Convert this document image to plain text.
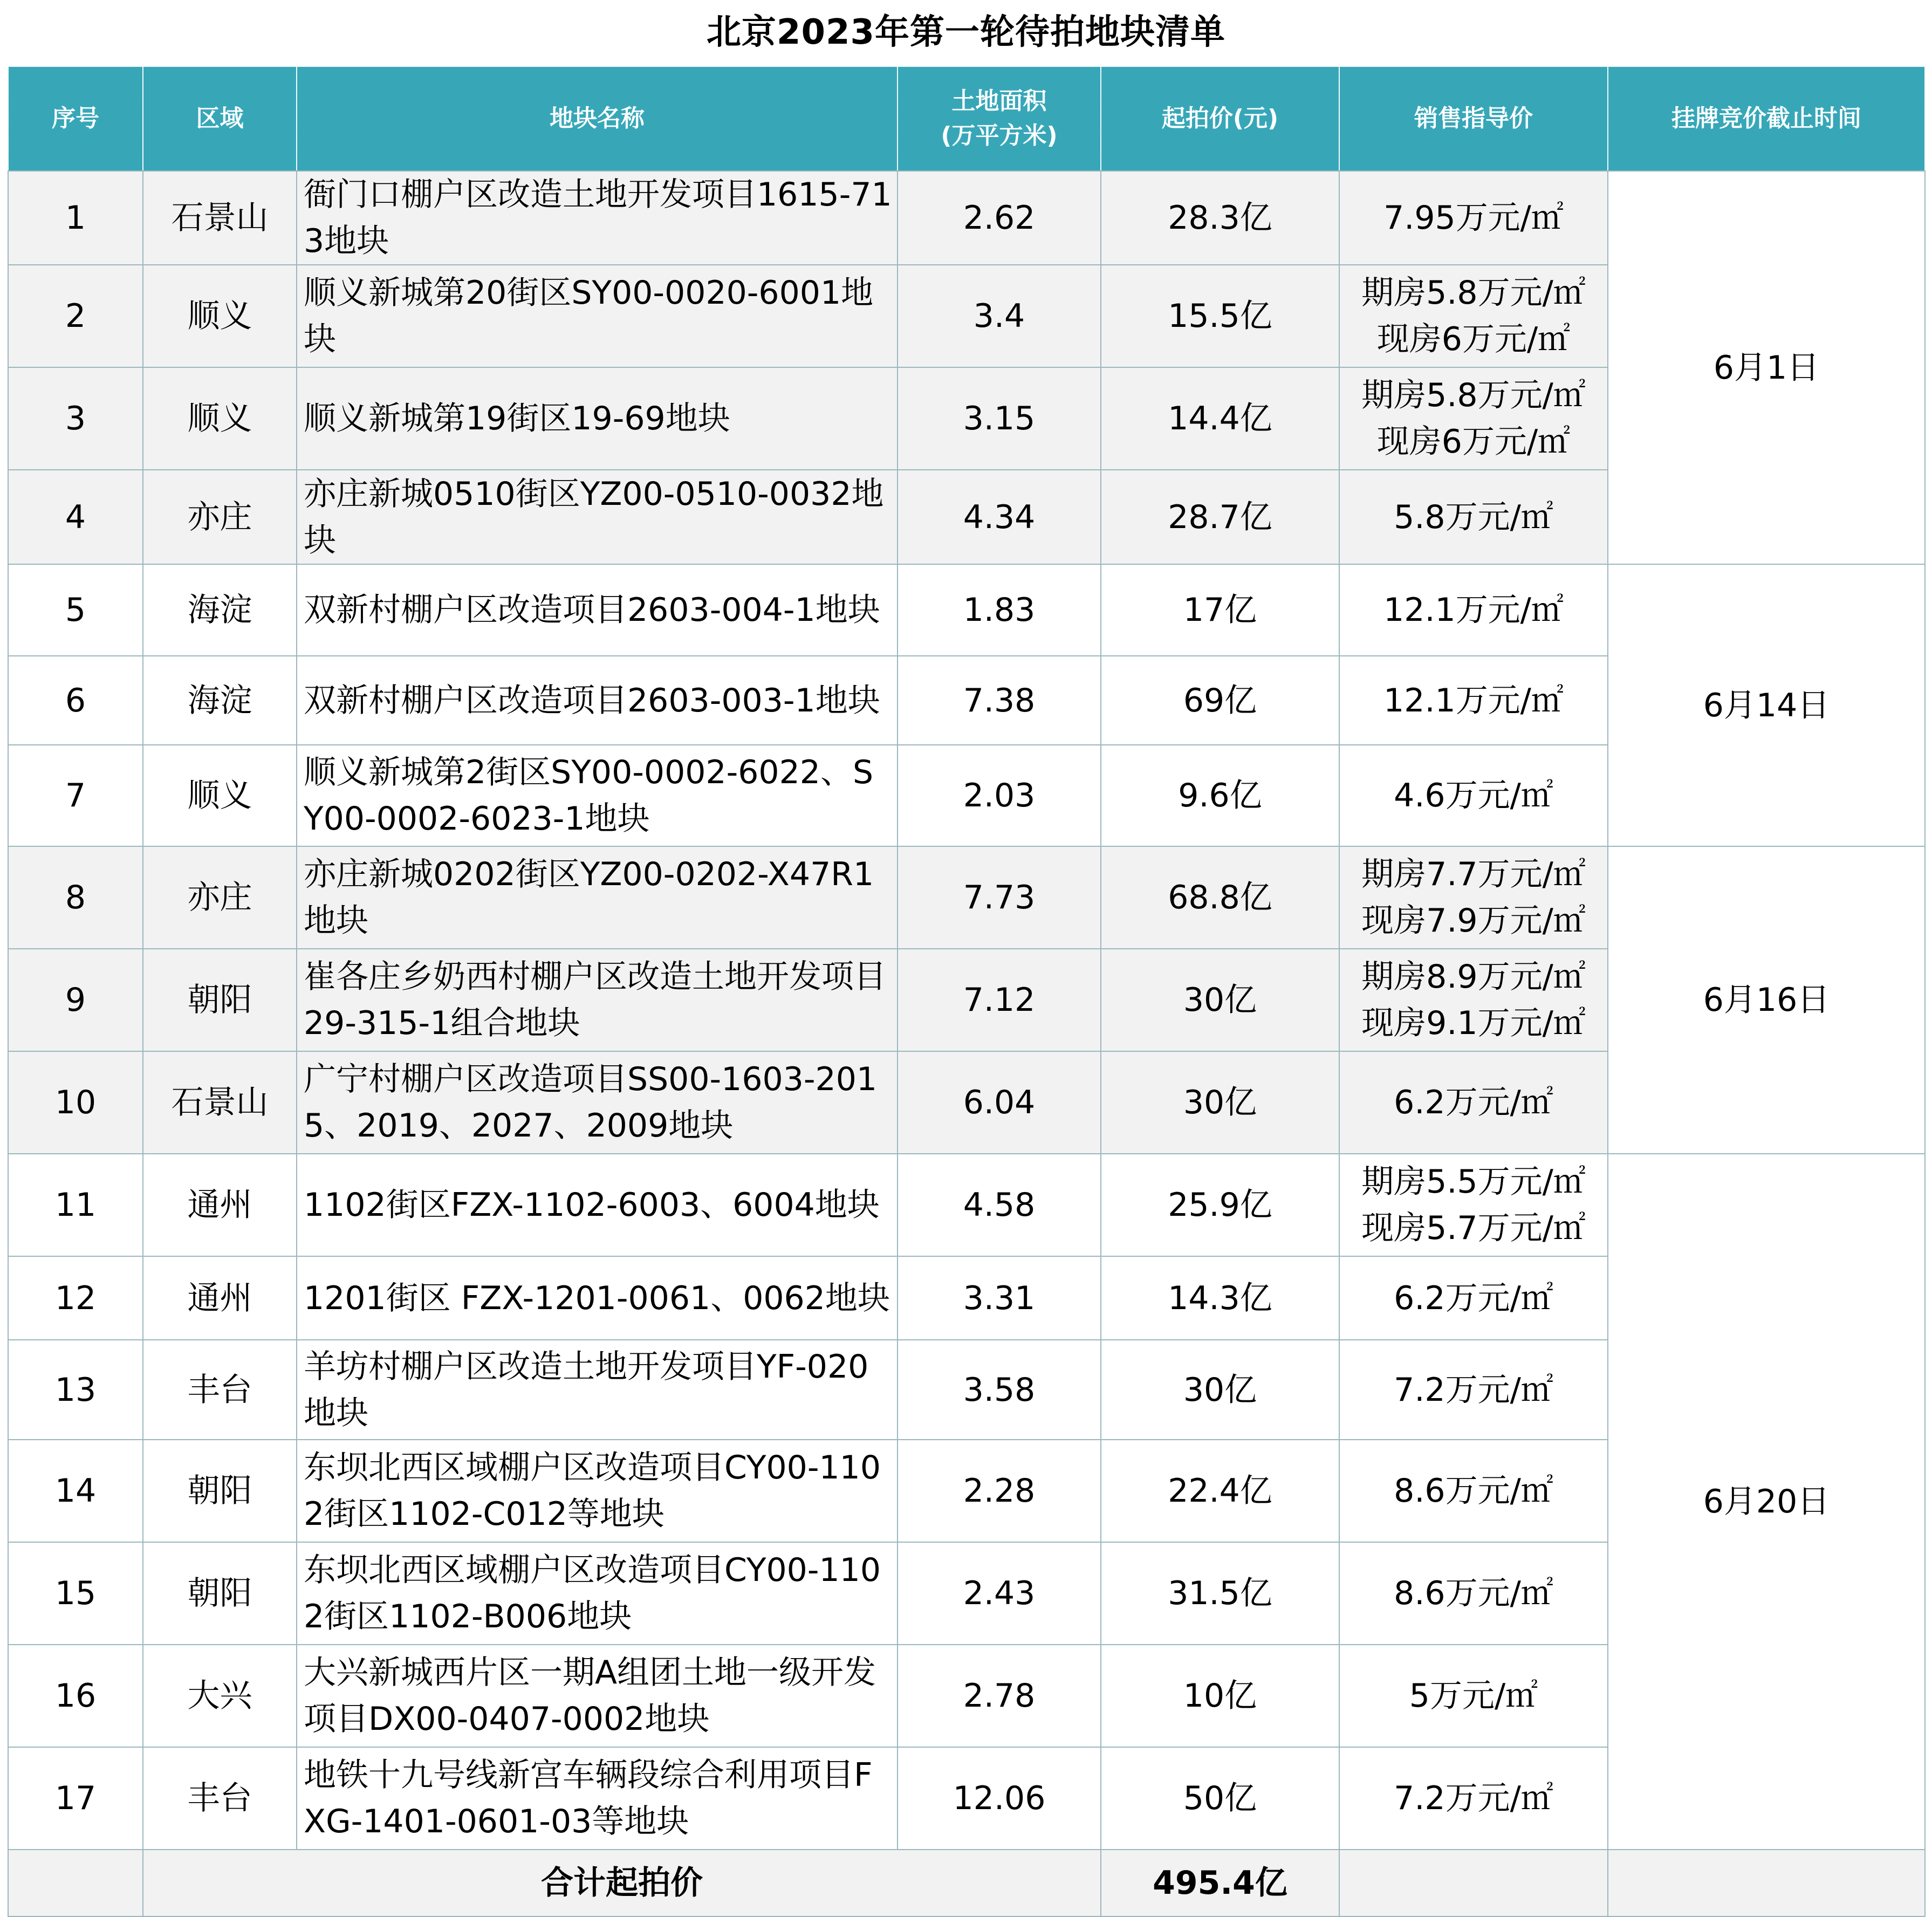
北京2023年第一轮待拍地块清单
序号	区域	地块名称	土地面积
(万平方米)	起拍价(元)	销售指导价	挂牌竞价截止时间
1	石景山	衙门口棚户区改造土地开发项目1615-713地块	2.62	28.3亿	7.95万元/㎡	6月1日
2	顺义	顺义新城第20街区SY00-0020-6001地块	3.4	15.5亿	期房5.8万元/㎡
现房6万元/㎡	

3	顺义	顺义新城第19街区19-69地块	3.15	14.4亿	期房5.8万元/㎡
现房6万元/㎡	

4	亦庄	亦庄新城0510街区YZ00-0510-0032地块	4.34	28.7亿	5.8万元/㎡	

5	海淀	双新村棚户区改造项目2603-004-1地块	1.83	17亿	12.1万元/㎡	6月14日
6	海淀	双新村棚户区改造项目2603-003-1地块	7.38	69亿	12.1万元/㎡	

7	顺义	顺义新城第2街区SY00-0002-6022、SY00-0002-6023-1地块	2.03	9.6亿	4.6万元/㎡	

8	亦庄	亦庄新城0202街区YZ00-0202-X47R1地块	7.73	68.8亿	期房7.7万元/㎡
现房7.9万元/㎡	6月16日
9	朝阳	崔各庄乡奶西村棚户区改造土地开发项目29-315-1组合地块	7.12	30亿	期房8.9万元/㎡
现房9.1万元/㎡	

10	石景山	广宁村棚户区改造项目SS00-1603-2015、2019、2027、2009地块	6.04	30亿	6.2万元/㎡	

11	通州	1102街区FZX-1102-6003、6004地块	4.58	25.9亿	期房5.5万元/㎡
现房5.7万元/㎡	6月20日
12	通州	1201街区 FZX-1201-0061、0062地块	3.31	14.3亿	6.2万元/㎡	

13	丰台	羊坊村棚户区改造土地开发项目YF-020地块	3.58	30亿	7.2万元/㎡	

14	朝阳	东坝北西区域棚户区改造项目CY00-1102街区1102-C012等地块	2.28	22.4亿	8.6万元/㎡	

15	朝阳	东坝北西区域棚户区改造项目CY00-1102街区1102-B006地块	2.43	31.5亿	8.6万元/㎡	

16	大兴	大兴新城西片区一期A组团土地一级开发项目DX00-0407-0002地块	2.78	10亿	5万元/㎡	

17	丰台	地铁十九号线新宫车辆段综合利用项目FXG-1401-0601-03等地块	12.06	50亿	7.2万元/㎡	

	合计起拍价			495.4亿		
